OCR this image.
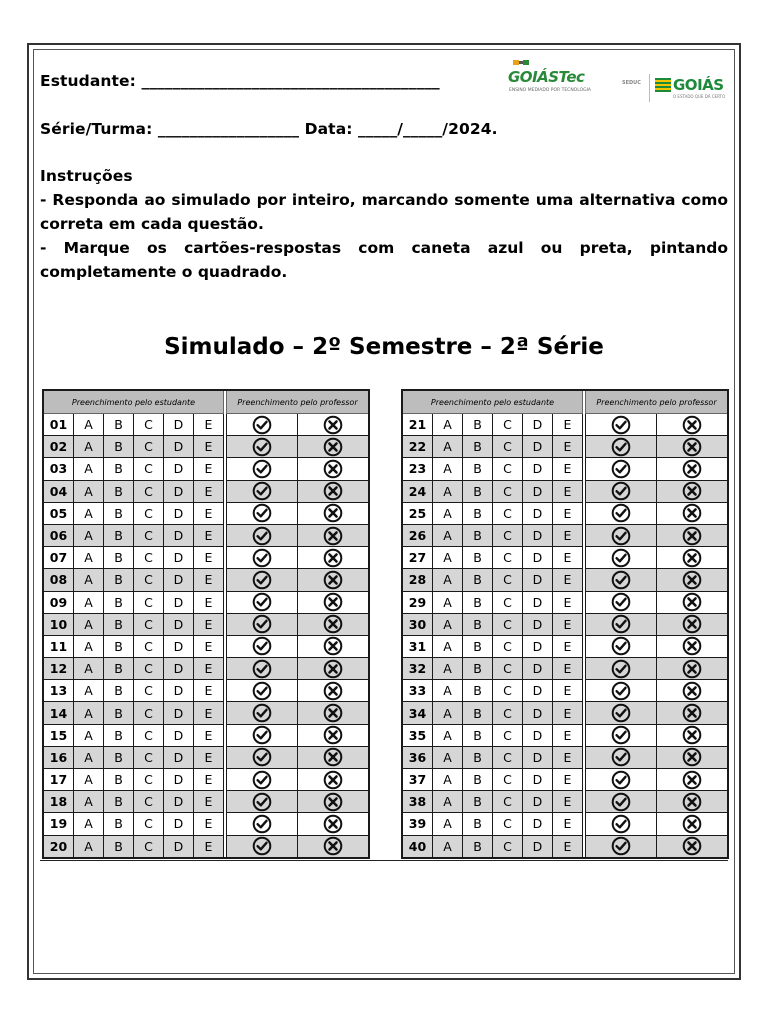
Estudante: ______________________________________	GOIÁSTec
ENSINO MEDIADO POR TECNOLOGIA
SEDUC GOIÁS
O ESTADO QUE DÁ CERTO
Série/Turma: __________________ Data: _____/_____/2024.
Instruções
- Responda ao simulado por inteiro, marcando somente uma alternativa como correta em cada questão.
- Marque os cartões-respostas com caneta azul ou preta, pintando completamente o quadrado.
Simulado – 2º Semestre – 2ª Série
Preenchimento pelo estudante							Preenchimento pelo professor	
01	A	B	C	D	E			
02	A	B	C	D	E			
03	A	B	C	D	E			
04	A	B	C	D	E			
05	A	B	C	D	E			
06	A	B	C	D	E			
07	A	B	C	D	E			
08	A	B	C	D	E			
09	A	B	C	D	E			
10	A	B	C	D	E			
11	A	B	C	D	E			
12	A	B	C	D	E			
13	A	B	C	D	E			
14	A	B	C	D	E			
15	A	B	C	D	E			
16	A	B	C	D	E			
17	A	B	C	D	E			
18	A	B	C	D	E			
19	A	B	C	D	E			
20	A	B	C	D	E			
Preenchimento pelo estudante							Preenchimento pelo professor	
21	A	B	C	D	E			
22	A	B	C	D	E			
23	A	B	C	D	E			
24	A	B	C	D	E			
25	A	B	C	D	E			
26	A	B	C	D	E			
27	A	B	C	D	E			
28	A	B	C	D	E			
29	A	B	C	D	E			
30	A	B	C	D	E			
31	A	B	C	D	E			
32	A	B	C	D	E			
33	A	B	C	D	E			
34	A	B	C	D	E			
35	A	B	C	D	E			
36	A	B	C	D	E			
37	A	B	C	D	E			
38	A	B	C	D	E			
39	A	B	C	D	E			
40	A	B	C	D	E			
